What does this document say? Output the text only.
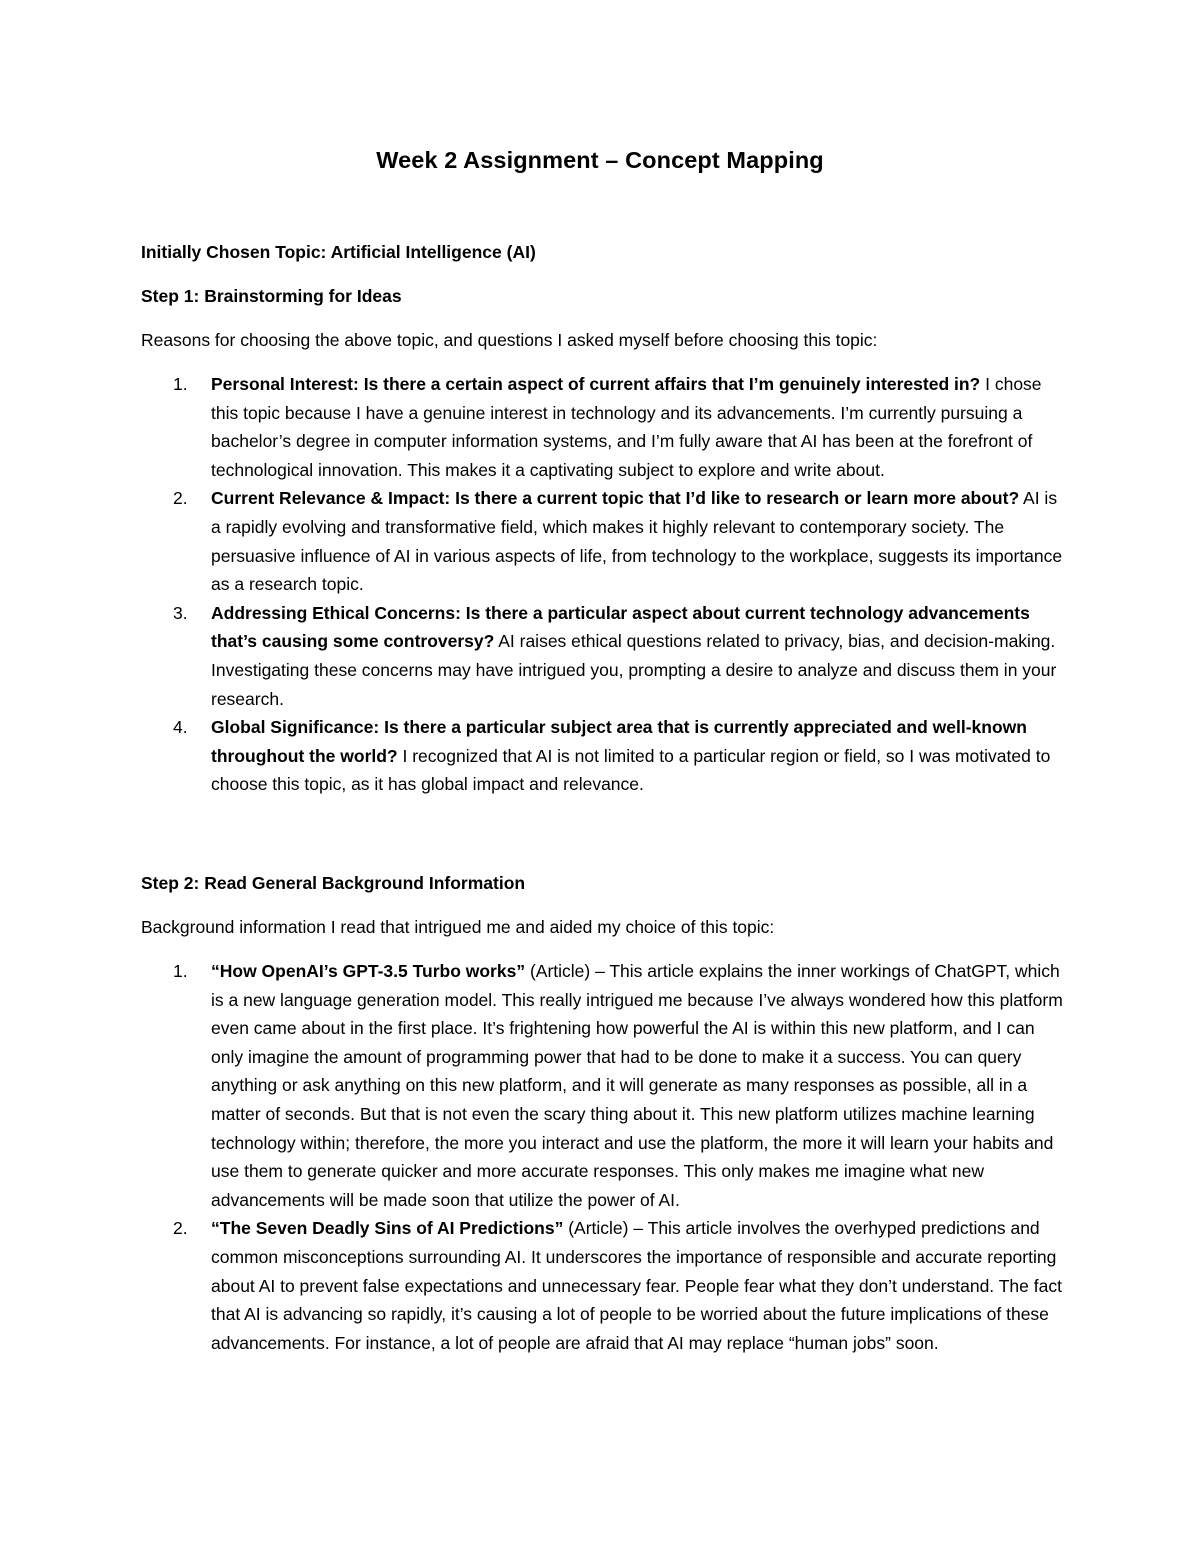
Week 2 Assignment – Concept Mapping
Initially Chosen Topic: Artificial Intelligence (AI)
Step 1: Brainstorming for Ideas
Reasons for choosing the above topic, and questions I asked myself before choosing this topic:
1. Personal Interest: Is there a certain aspect of current affairs that I’m genuinely interested in? I chose this topic because I have a genuine interest in technology and its advancements. I’m currently pursuing a bachelor’s degree in computer information systems, and I’m fully aware that AI has been at the forefront of technological innovation. This makes it a captivating subject to explore and write about.
2. Current Relevance & Impact: Is there a current topic that I’d like to research or learn more about? AI is a rapidly evolving and transformative field, which makes it highly relevant to contemporary society. The persuasive influence of AI in various aspects of life, from technology to the workplace, suggests its importance as a research topic.
3. Addressing Ethical Concerns: Is there a particular aspect about current technology advancements that’s causing some controversy? AI raises ethical questions related to privacy, bias, and decision-making. Investigating these concerns may have intrigued you, prompting a desire to analyze and discuss them in your research.
4. Global Significance: Is there a particular subject area that is currently appreciated and well-known throughout the world? I recognized that AI is not limited to a particular region or field, so I was motivated to choose this topic, as it has global impact and relevance.
Step 2: Read General Background Information
Background information I read that intrigued me and aided my choice of this topic:
1. “How OpenAI’s GPT-3.5 Turbo works” (Article) – This article explains the inner workings of ChatGPT, which is a new language generation model. This really intrigued me because I’ve always wondered how this platform even came about in the first place. It’s frightening how powerful the AI is within this new platform, and I can only imagine the amount of programming power that had to be done to make it a success. You can query anything or ask anything on this new platform, and it will generate as many responses as possible, all in a matter of seconds. But that is not even the scary thing about it. This new platform utilizes machine learning technology within; therefore, the more you interact and use the platform, the more it will learn your habits and use them to generate quicker and more accurate responses. This only makes me imagine what new advancements will be made soon that utilize the power of AI.
2. “The Seven Deadly Sins of AI Predictions” (Article) – This article involves the overhyped predictions and common misconceptions surrounding AI. It underscores the importance of responsible and accurate reporting about AI to prevent false expectations and unnecessary fear. People fear what they don’t understand. The fact that AI is advancing so rapidly, it’s causing a lot of people to be worried about the future implications of these advancements. For instance, a lot of people are afraid that AI may replace “human jobs” soon.
